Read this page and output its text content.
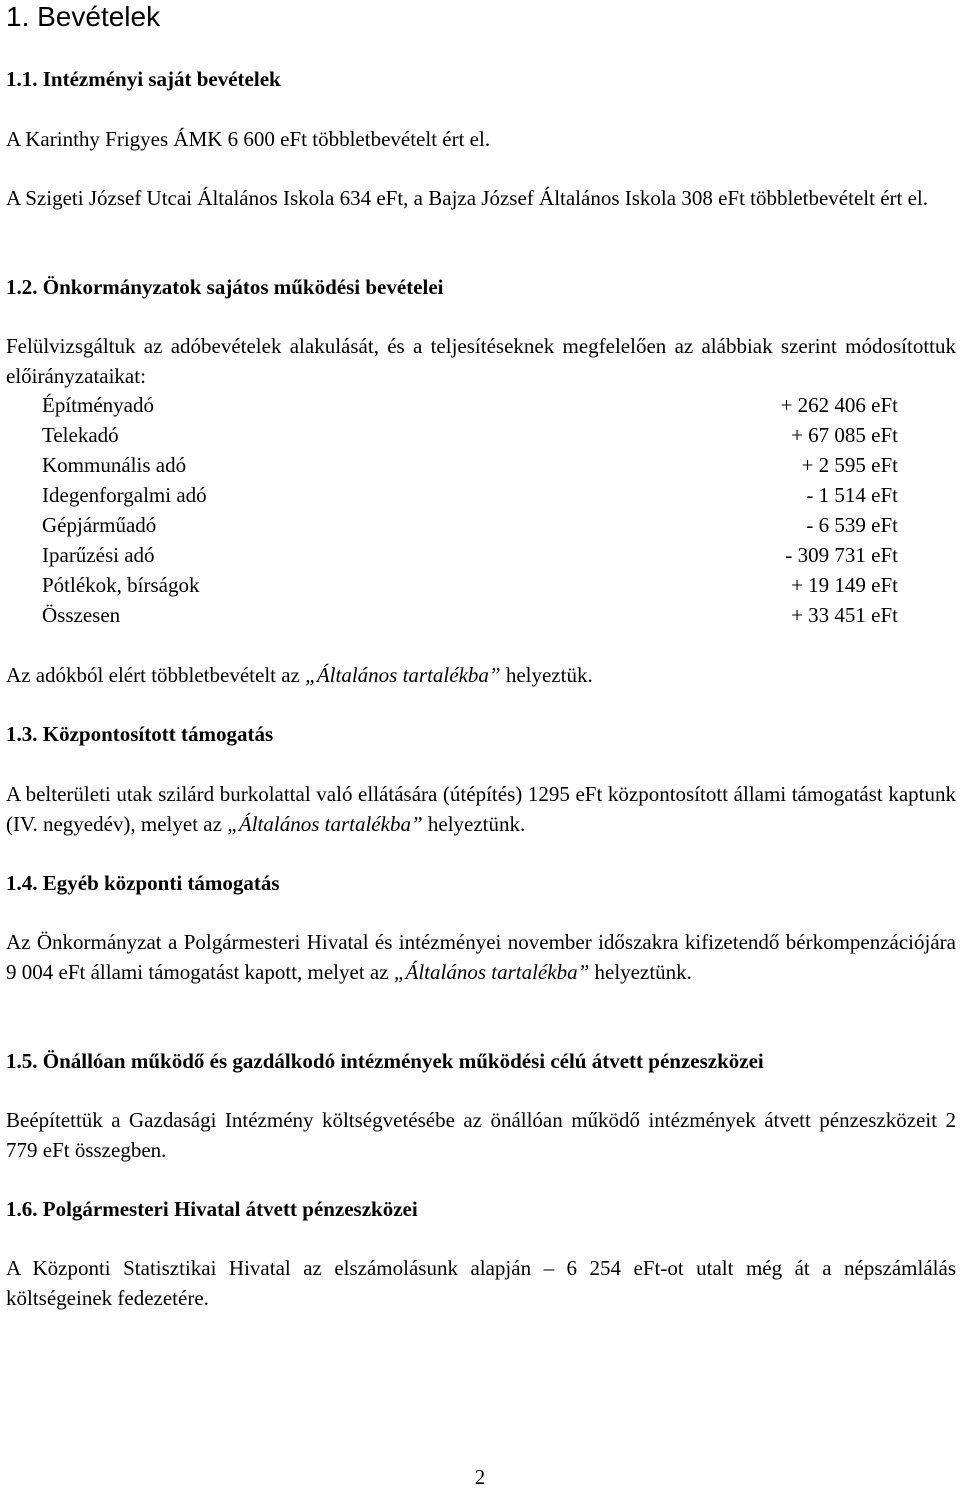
1. Bevételek
1.1. Intézményi saját bevételek
A Karinthy Frigyes ÁMK 6 600 eFt többletbevételt ért el.
A Szigeti József Utcai Általános Iskola 634 eFt, a Bajza József Általános Iskola 308 eFt többletbevételt ért el.
1.2. Önkormányzatok sajátos működési bevételei
Felülvizsgáltuk az adóbevételek alakulását, és a teljesítéseknek megfelelően az alábbiak szerint módosítottuk előirányzataikat:
Építményadó	+ 262 406 eFt
Telekadó	+ 67 085 eFt
Kommunális adó	+ 2 595 eFt
Idegenforgalmi adó	- 1 514 eFt
Gépjárműadó	- 6 539 eFt
Iparűzési adó	- 309 731 eFt
Pótlékok, bírságok	+ 19 149 eFt
Összesen	+ 33 451 eFt
Az adókból elért többletbevételt az „Általános tartalékba” helyeztük.
1.3. Központosított támogatás
A belterületi utak szilárd burkolattal való ellátására (útépítés) 1295 eFt központosított állami támogatást kaptunk (IV. negyedév), melyet az „Általános tartalékba” helyeztünk.
1.4. Egyéb központi támogatás
Az Önkormányzat a Polgármesteri Hivatal és intézményei november időszakra kifizetendő bérkompenzációjára 9 004 eFt állami támogatást kapott, melyet az „Általános tartalékba” helyeztünk.
1.5. Önállóan működő és gazdálkodó intézmények működési célú átvett pénzeszközei
Beépítettük a Gazdasági Intézmény költségvetésébe az önállóan működő intézmények átvett pénzeszközeit 2 779 eFt összegben.
1.6. Polgármesteri Hivatal átvett pénzeszközei
A Központi Statisztikai Hivatal az elszámolásunk alapján – 6 254 eFt-ot utalt még át a népszámlálás költségeinek fedezetére.
2
